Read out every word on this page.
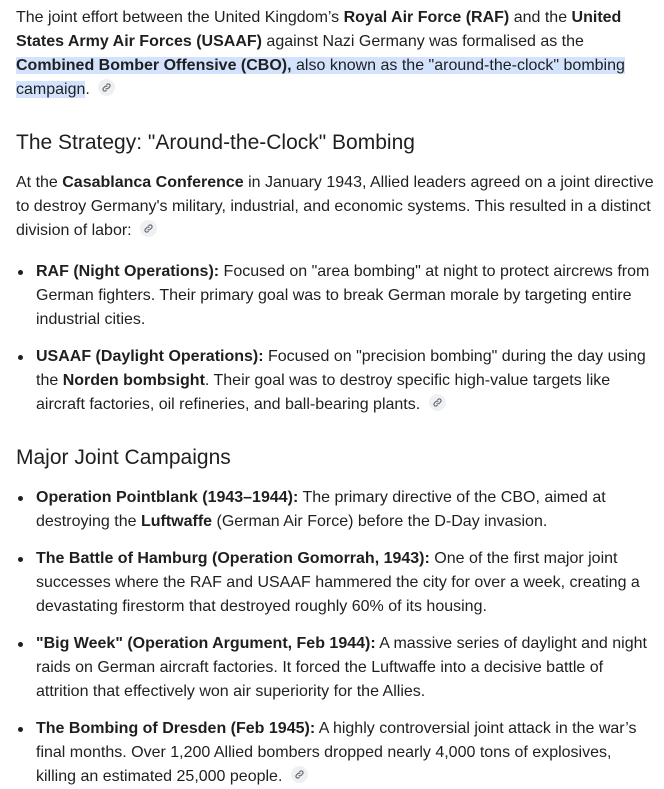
The joint effort between the United Kingdom’s Royal Air Force (RAF) and the United
States Army Air Forces (USAAF) against Nazi Germany was formalised as the
Combined Bomber Offensive (CBO), also known as the "around-the-clock" bombing
campaign.

The Strategy: "Around-the-Clock" Bombing

At the Casablanca Conference in January 1943, Allied leaders agreed on a joint directive
to destroy Germany's military, industrial, and economic systems. This resulted in a distinct
division of labor:

RAF (Night Operations): Focused on "area bombing" at night to protect aircrews from
German fighters. Their primary goal was to break German morale by targeting entire
industrial cities.
USAAF (Daylight Operations): Focused on "precision bombing" during the day using
the Norden bombsight. Their goal was to destroy specific high-value targets like
aircraft factories, oil refineries, and ball-bearing plants.
Major Joint Campaigns
Operation Pointblank (1943–1944): The primary directive of the CBO, aimed at
destroying the Luftwaffe (German Air Force) before the D-Day invasion.
The Battle of Hamburg (Operation Gomorrah, 1943): One of the first major joint
successes where the RAF and USAAF hammered the city for over a week, creating a
devastating firestorm that destroyed roughly 60% of its housing.
"Big Week" (Operation Argument, Feb 1944): A massive series of daylight and night
raids on German aircraft factories. It forced the Luftwaffe into a decisive battle of
attrition that effectively won air superiority for the Allies.
The Bombing of Dresden (Feb 1945): A highly controversial joint attack in the war’s
final months. Over 1,200 Allied bombers dropped nearly 4,000 tons of explosives,
killing an estimated 25,000 people.
